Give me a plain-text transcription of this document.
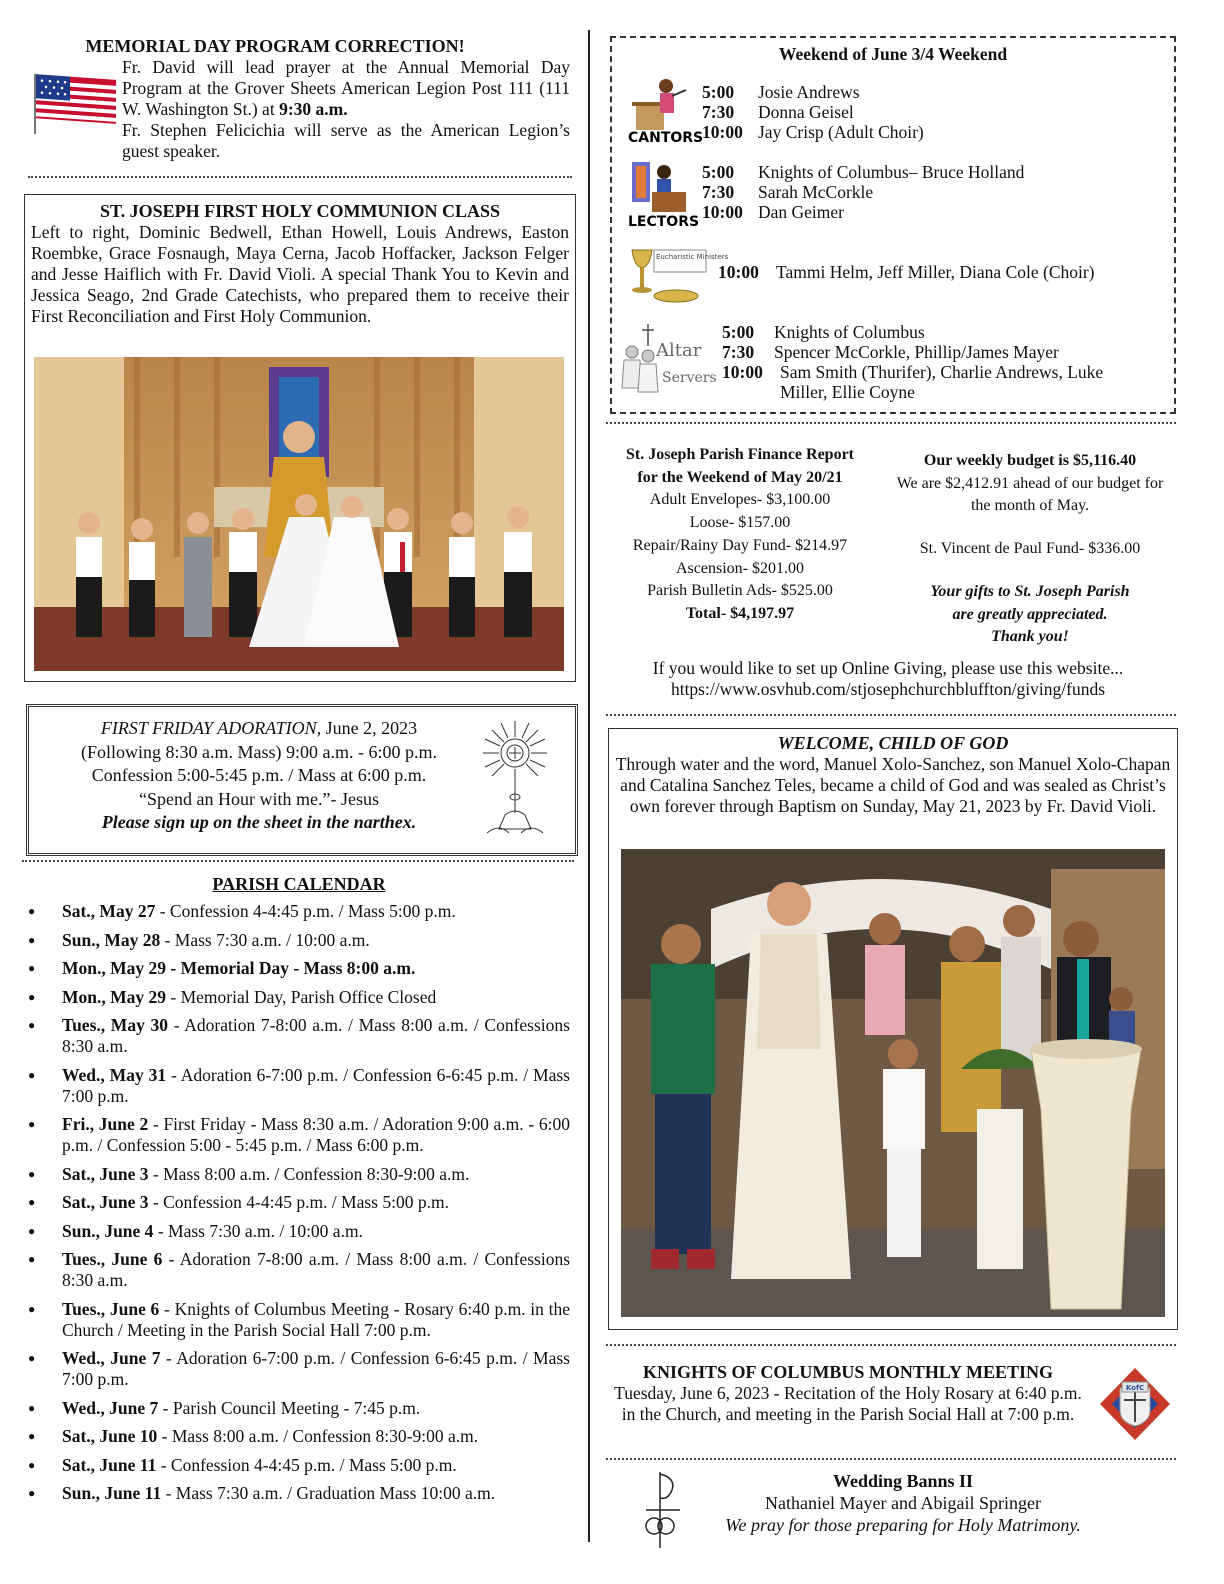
MEMORIAL DAY PROGRAM CORRECTION!
Fr. David will lead prayer at the Annual Memorial Day Program at the Grover Sheets American Legion Post 111 (111 W. Washington St.) at 9:30 a.m.
Fr. Stephen Felicichia will serve as the American Legion’s guest speaker.
ST. JOSEPH FIRST HOLY COMMUNION CLASS
Left to right, Dominic Bedwell, Ethan Howell, Louis Andrews, Easton Roembke, Grace Fosnaugh, Maya Cerna, Jacob Hoffacker, Jackson Felger and Jesse Haiflich with Fr. David Violi. A special Thank You to Kevin and Jessica Seago, 2nd Grade Catechists, who prepared them to receive their First Reconciliation and First Holy Communion.
FIRST FRIDAY ADORATION, June 2, 2023
(Following 8:30 a.m. Mass) 9:00 a.m. - 6:00 p.m.
Confession 5:00-5:45 p.m. / Mass at 6:00 p.m.
“Spend an Hour with me.”- Jesus
Please sign up on the sheet in the narthex.
PARISH CALENDAR
● Sat., May 27 - Confession 4-4:45 p.m. / Mass 5:00 p.m.
● Sun., May 28 - Mass 7:30 a.m. / 10:00 a.m.
● Mon., May 29 - Memorial Day - Mass 8:00 a.m.
● Mon., May 29 - Memorial Day, Parish Office Closed
● Tues., May 30 - Adoration 7-8:00 a.m. / Mass 8:00 a.m. / Confessions 8:30 a.m.
● Wed., May 31 - Adoration 6-7:00 p.m. / Confession 6-6:45 p.m. / Mass 7:00 p.m.
● Fri., June 2 - First Friday - Mass 8:30 a.m. / Adoration 9:00 a.m. - 6:00 p.m. / Confession 5:00 - 5:45 p.m. / Mass 6:00 p.m.
● Sat., June 3 - Mass 8:00 a.m. / Confession 8:30-9:00 a.m.
● Sat., June 3 - Confession 4-4:45 p.m. / Mass 5:00 p.m.
● Sun., June 4 - Mass 7:30 a.m. / 10:00 a.m.
● Tues., June 6 - Adoration 7-8:00 a.m. / Mass 8:00 a.m. / Confessions 8:30 a.m.
● Tues., June 6 - Knights of Columbus Meeting - Rosary 6:40 p.m. in the Church / Meeting in the Parish Social Hall 7:00 p.m.
● Wed., June 7 - Adoration 6-7:00 p.m. / Confession 6-6:45 p.m. / Mass 7:00 p.m.
● Wed., June 7 - Parish Council Meeting - 7:45 p.m.
● Sat., June 10 - Mass 8:00 a.m. / Confession 8:30-9:00 a.m.
● Sat., June 11 - Confession 4-4:45 p.m. / Mass 5:00 p.m.
● Sun., June 11 - Mass 7:30 a.m. / Graduation Mass 10:00 a.m.
Weekend of June 3/4 Weekend
CANTORS
5:00	Josie Andrews
7:30	Donna Geisel
10:00 Jay Crisp (Adult Choir)
LECTORS
5:00	Knights of Columbus– Bruce Holland
7:30	Sarah McCorkle
10:00 Dan Geimer
Eucharistic Ministers
10:00 Tammi Helm, Jeff Miller, Diana Cole (Choir)
Altar
Servers
5:00	Knights of Columbus
7:30	Spencer McCorkle, Phillip/James Mayer
10:00 Sam Smith (Thurifer), Charlie Andrews, Luke
Miller, Ellie Coyne
St. Joseph Parish Finance Report
for the Weekend of May 20/21
Adult Envelopes- $3,100.00
Loose- $157.00
Repair/Rainy Day Fund- $214.97
Ascension- $201.00
Parish Bulletin Ads- $525.00
Total- $4,197.97
Our weekly budget is $5,116.40
We are $2,412.91 ahead of our budget for the month of May.
St. Vincent de Paul Fund- $336.00
Your gifts to St. Joseph Parish
are greatly appreciated.
Thank you!
If you would like to set up Online Giving, please use this website...
https://www.osvhub.com/stjosephchurchbluffton/giving/funds
WELCOME, CHILD OF GOD
Through water and the word, Manuel Xolo-Sanchez, son Manuel Xolo-Chapan and Catalina Sanchez Teles, became a child of God and was sealed as Christ’s own forever through Baptism on Sunday, May 21, 2023 by Fr. David Violi.
KNIGHTS OF COLUMBUS MONTHLY MEETING
Tuesday, June 6, 2023 - Recitation of the Holy Rosary at 6:40 p.m. in the Church, and meeting in the Parish Social Hall at 7:00 p.m.
KofC
Wedding Banns II
Nathaniel Mayer and Abigail Springer
We pray for those preparing for Holy Matrimony.
